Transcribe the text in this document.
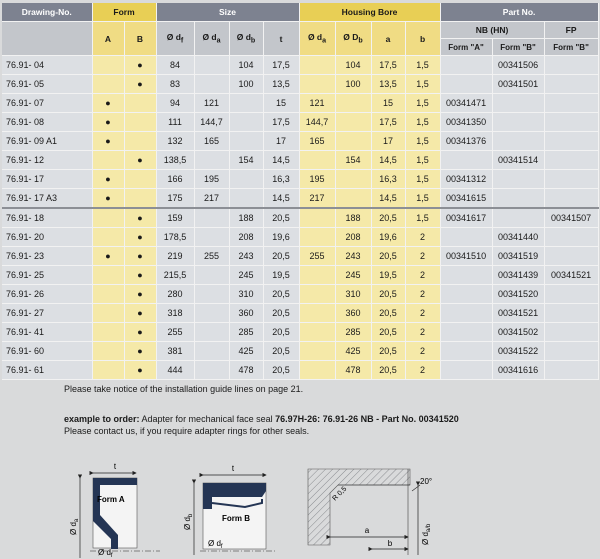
Drawing-No.	Form		Size				Housing Bore				Part No.		
	A	B	Ø $d_f$	Ø $d_a$	Ø $d_b$	t	Ø $d_a$	Ø $D_b$	a	b	NB (HN)		FP
											Form "A"	Form "B"	Form "B"
76.91- 04		●	84		104	17,5		104	17,5	1,5		00341506	
76.91- 05		●	83		100	13,5		100	13,5	1,5		00341501	
76.91- 07	●		94	121		15	121		15	1,5	00341471		
76.91- 08	●		111	144,7		17,5	144,7		17,5	1,5	00341350		
76.91- 09 A1	●		132	165		17	165		17	1,5	00341376		
76.91- 12		●	138,5		154	14,5		154	14,5	1,5		00341514	
76.91- 17	●		166	195		16,3	195		16,3	1,5	00341312		
76.91- 17 A3	●		175	217		14,5	217		14,5	1,5	00341615		
76.91- 18		●	159		188	20,5		188	20,5	1,5	00341617		00341507
76.91- 20		●	178,5		208	19,6		208	19,6	2		00341440	
76.91- 23	●	●	219	255	243	20,5	255	243	20,5	2	00341510	00341519	
76.91- 25		●	215,5		245	19,5		245	19,5	2		00341439	00341521
76.91- 26		●	280		310	20,5		310	20,5	2		00341520	
76.91- 27		●	318		360	20,5		360	20,5	2		00341521	
76.91- 41		●	255		285	20,5		285	20,5	2		00341502	
76.91- 60		●	381		425	20,5		425	20,5	2		00341522	
76.91- 61		●	444		478	20,5		478	20,5	2		00341616	
Please take notice of the installation guide lines on page 21.
example to order: Adapter for mechanical face seal 76.97H-26: 76.91-26 NB - Part No. 00341520
Please contact us, if you require adapter rings for other seals.
t
Form A
Ø $d_a$
Ø $d_f$
t
Form B
Ø $d_b$
Ø $d_f$
R 0,5
20°
a
b	Ø $d_{a/b}$
